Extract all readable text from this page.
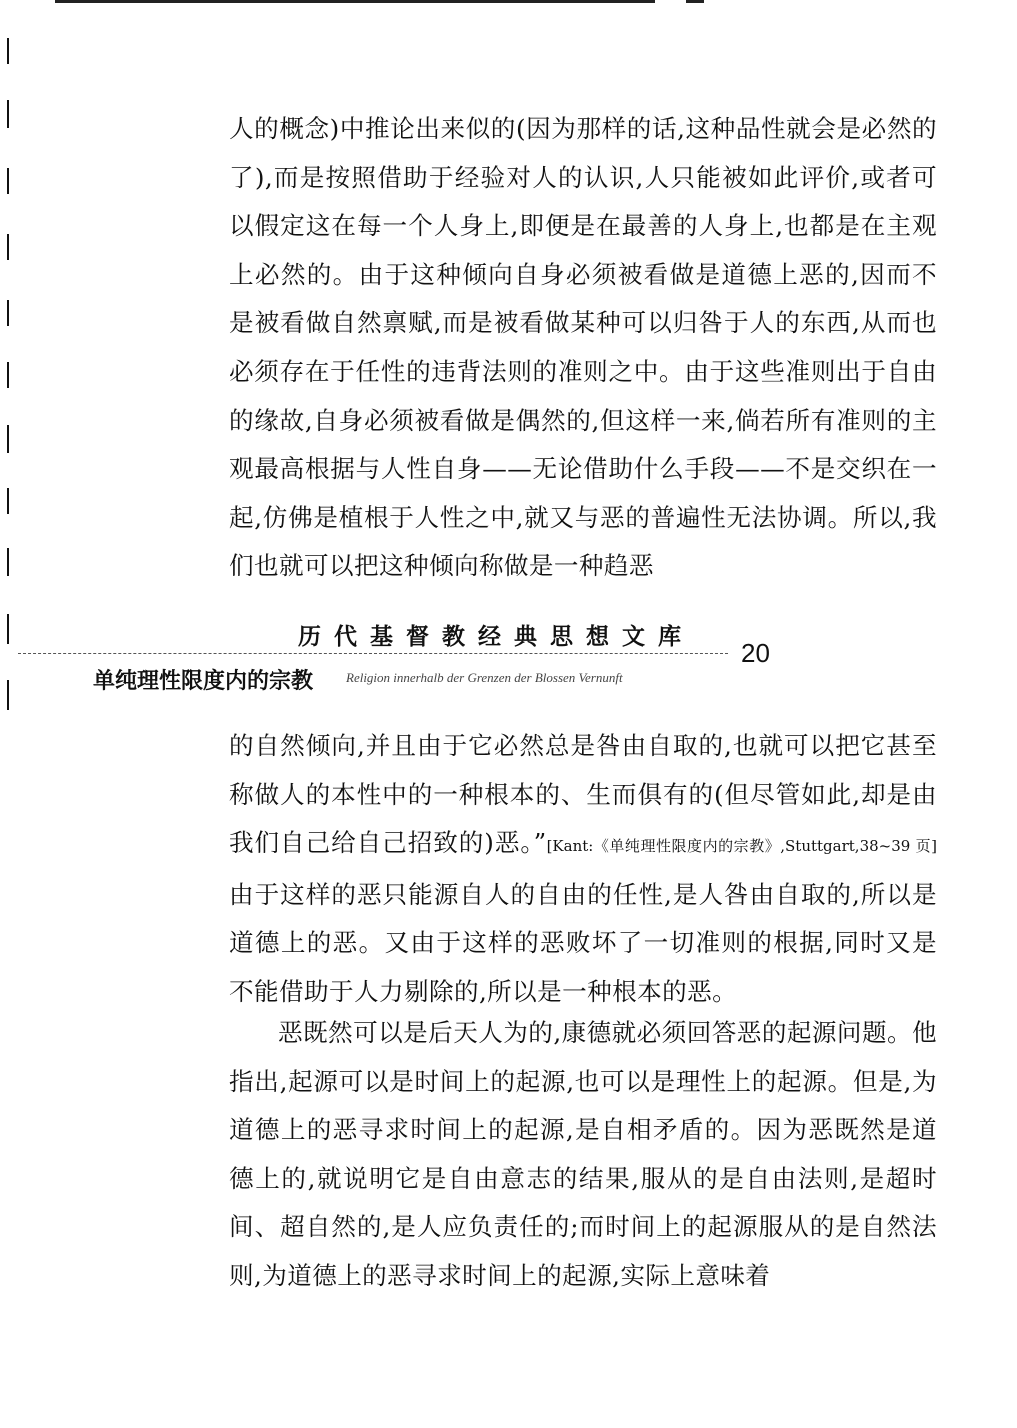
人的概念)中推论出来似的(因为那样的话,这种品性就会是必然的了),而是按照借助于经验对人的认识,人只能被如此评价,或者可以假定这在每一个人身上,即便是在最善的人身上,也都是在主观上必然的。由于这种倾向自身必须被看做是道德上恶的,因而不是被看做自然禀赋,而是被看做某种可以归咎于人的东西,从而也必须存在于任性的违背法则的准则之中。由于这些准则出于自由的缘故,自身必须被看做是偶然的,但这样一来,倘若所有准则的主观最高根据与人性自身——无论借助什么手段——不是交织在一起,仿佛是植根于人性之中,就又与恶的普遍性无法协调。所以,我们也就可以把这种倾向称做是一种趋恶

历代基督教经典思想文库
单纯理性限度内的宗教	Religion innerhalb der Grenzen der Blossen Vernunft
20

的自然倾向,并且由于它必然总是咎由自取的,也就可以把它甚至称做人的本性中的一种根本的、生而俱有的(但尽管如此,却是由我们自己给自己招致的)恶。”[Kant:《单纯理性限度内的宗教》,Stuttgart,38~39 页]由于这样的恶只能源自人的自由的任性,是人咎由自取的,所以是道德上的恶。又由于这样的恶败坏了一切准则的根据,同时又是不能借助于人力剔除的,所以是一种根本的恶。

恶既然可以是后天人为的,康德就必须回答恶的起源问题。他指出,起源可以是时间上的起源,也可以是理性上的起源。但是,为道德上的恶寻求时间上的起源,是自相矛盾的。因为恶既然是道德上的,就说明它是自由意志的结果,服从的是自由法则,是超时间、超自然的,是人应负责任的;而时间上的起源服从的是自然法则,为道德上的恶寻求时间上的起源,实际上意味着
